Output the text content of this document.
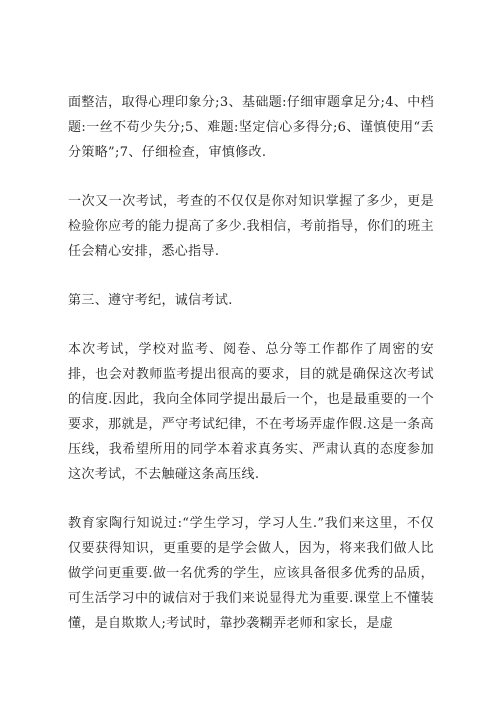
面整洁，取得心理印象分;3、基础题:仔细审题拿足分;4、中档题:一丝不苟少失分;5、难题:坚定信心多得分;6、谨慎使用“丢分策略”;7、仔细检查，审慎修改.

一次又一次考试，考查的不仅仅是你对知识掌握了多少，更是检验你应考的能力提高了多少.我相信，考前指导，你们的班主任会精心安排，悉心指导.

第三、遵守考纪，诚信考试.

本次考试，学校对监考、阅卷、总分等工作都作了周密的安排，也会对教师监考提出很高的要求，目的就是确保这次考试的信度.因此，我向全体同学提出最后一个，也是最重要的一个要求，那就是，严守考试纪律，不在考场弄虚作假.这是一条高压线，我希望所用的同学本着求真务实、严肃认真的态度参加这次考试，不去触碰这条高压线.

教育家陶行知说过:“学生学习，学习人生.”我们来这里，不仅仅要获得知识，更重要的是学会做人，因为，将来我们做人比做学问更重要.做一名优秀的学生，应该具备很多优秀的品质，可生活学习中的诚信对于我们来说显得尤为重要.课堂上不懂装懂，是自欺欺人;考试时，靠抄袭糊弄老师和家长，是虚
